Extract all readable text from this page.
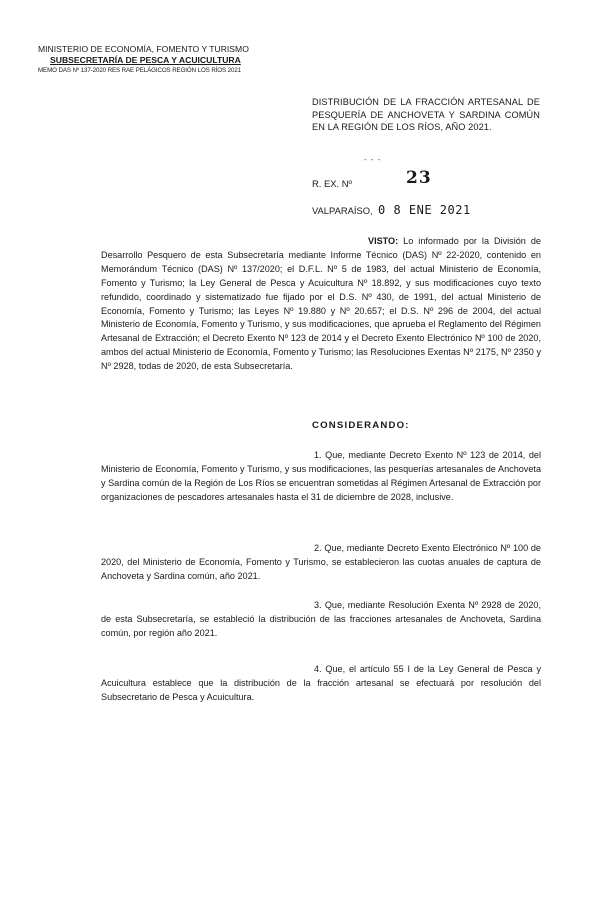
MINISTERIO DE ECONOMÍA, FOMENTO Y TURISMO
SUBSECRETARÍA DE PESCA Y ACUICULTURA
MEMO DAS Nº 137-2020 RES RAE PELÁGICOS REGIÓN LOS RÍOS 2021
DISTRIBUCIÓN DE LA FRACCIÓN ARTESANAL DE PESQUERÍA DE ANCHOVETA Y SARDINA COMÚN EN LA REGIÓN DE LOS RÍOS, AÑO 2021.
- - -
R. EX. Nº	23
VALPARAÍSO, 0 8 ENE 2021
VISTO: Lo informado por la División de Desarrollo Pesquero de esta Subsecretaría mediante Informe Técnico (DAS) Nº 22-2020, contenido en Memorándum Técnico (DAS) Nº 137/2020; el D.F.L. Nº 5 de 1983, del actual Ministerio de Economía, Fomento y Turismo; la Ley General de Pesca y Acuicultura Nº 18.892, y sus modificaciones cuyo texto refundido, coordinado y sistematizado fue fijado por el D.S. Nº 430, de 1991, del actual Ministerio de Economía, Fomento y Turismo; las Leyes Nº 19.880 y Nº 20.657; el D.S. Nº 296 de 2004, del actual Ministerio de Economía, Fomento y Turismo, y sus modificaciones, que aprueba el Reglamento del Régimen Artesanal de Extracción; el Decreto Exento Nº 123 de 2014 y el Decreto Exento Electrónico Nº 100 de 2020, ambos del actual Ministerio de Economía, Fomento y Turismo; las Resoluciones Exentas Nº 2175, Nº 2350 y Nº 2928, todas de 2020, de esta Subsecretaría.
CONSIDERANDO:
1. Que, mediante Decreto Exento Nº 123 de 2014, del Ministerio de Economía, Fomento y Turismo, y sus modificaciones, las pesquerías artesanales de Anchoveta y Sardina común de la Región de Los Ríos se encuentran sometidas al Régimen Artesanal de Extracción por organizaciones de pescadores artesanales hasta el 31 de diciembre de 2028, inclusive.
2. Que, mediante Decreto Exento Electrónico Nº 100 de 2020, del Ministerio de Economía, Fomento y Turismo, se establecieron las cuotas anuales de captura de Anchoveta y Sardina común, año 2021.
3. Que, mediante Resolución Exenta Nº 2928 de 2020, de esta Subsecretaría, se estableció la distribución de las fracciones artesanales de Anchoveta, Sardina común, por región año 2021.
4. Que, el artículo 55 I de la Ley General de Pesca y Acuicultura establece que la distribución de la fracción artesanal se efectuará por resolución del Subsecretario de Pesca y Acuicultura.
